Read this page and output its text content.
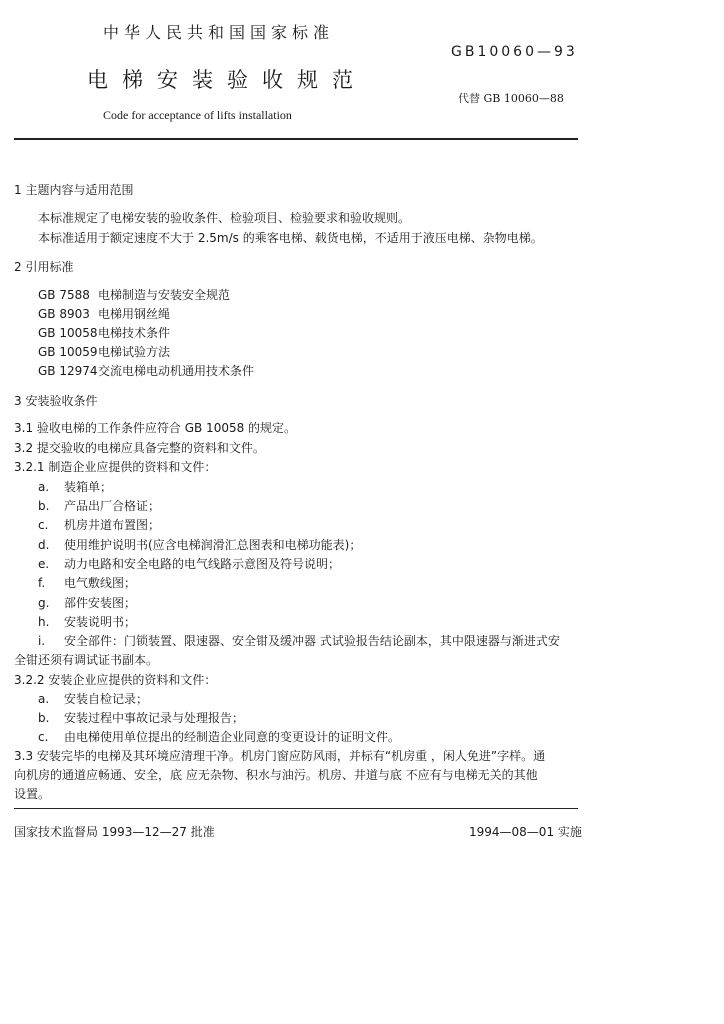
中华人民共和国国家标准
GB10060—93
电梯安装验收规范
代替 GB 10060—88
Code for acceptance of lifts installation
1 主题内容与适用范围
本标准规定了电梯安装的验收条件、检验项目、检验要求和验收规则。
本标准适用于额定速度不大于 2.5m/s 的乘客电梯、载货电梯，不适用于液压电梯、杂物电梯。
2 引用标准
GB 7588 电梯制造与安装安全规范
GB 8903 电梯用钢丝绳
GB 10058电梯技术条件
GB 10059电梯试验方法
GB 12974交流电梯电动机通用技术条件
3 安装验收条件
3.1 验收电梯的工作条件应符合 GB 10058 的规定。
3.2 提交验收的电梯应具备完整的资料和文件。
3.2.1 制造企业应提供的资料和文件：
a. 装箱单；
b. 产品出厂合格证；
c. 机房井道布置图；
d. 使用维护说明书(应含电梯润滑汇总图表和电梯功能表)；
e. 动力电路和安全电路的电气线路示意图及符号说明；
f. 电气敷线图；
g. 部件安装图；
h. 安装说明书；
i. 安全部件：门锁装置、限速器、安全钳及缓冲器 式试验报告结论副本，其中限速器与渐进式安
全钳还须有调试证书副本。
3.2.2 安装企业应提供的资料和文件：
a. 安装自检记录；
b. 安装过程中事故记录与处理报告；
c. 由电梯使用单位提出的经制造企业同意的变更设计的证明文件。
3.3 安装完毕的电梯及其环境应清理干净。机房门窗应防风雨，并标有“机房重 ，闲人免进”字样。通
向机房的通道应畅通、安全，底 应无杂物、积水与油污。机房、井道与底 不应有与电梯无关的其他
设置。
国家技术监督局 1993—12—27 批准	1994—08—01 实施
